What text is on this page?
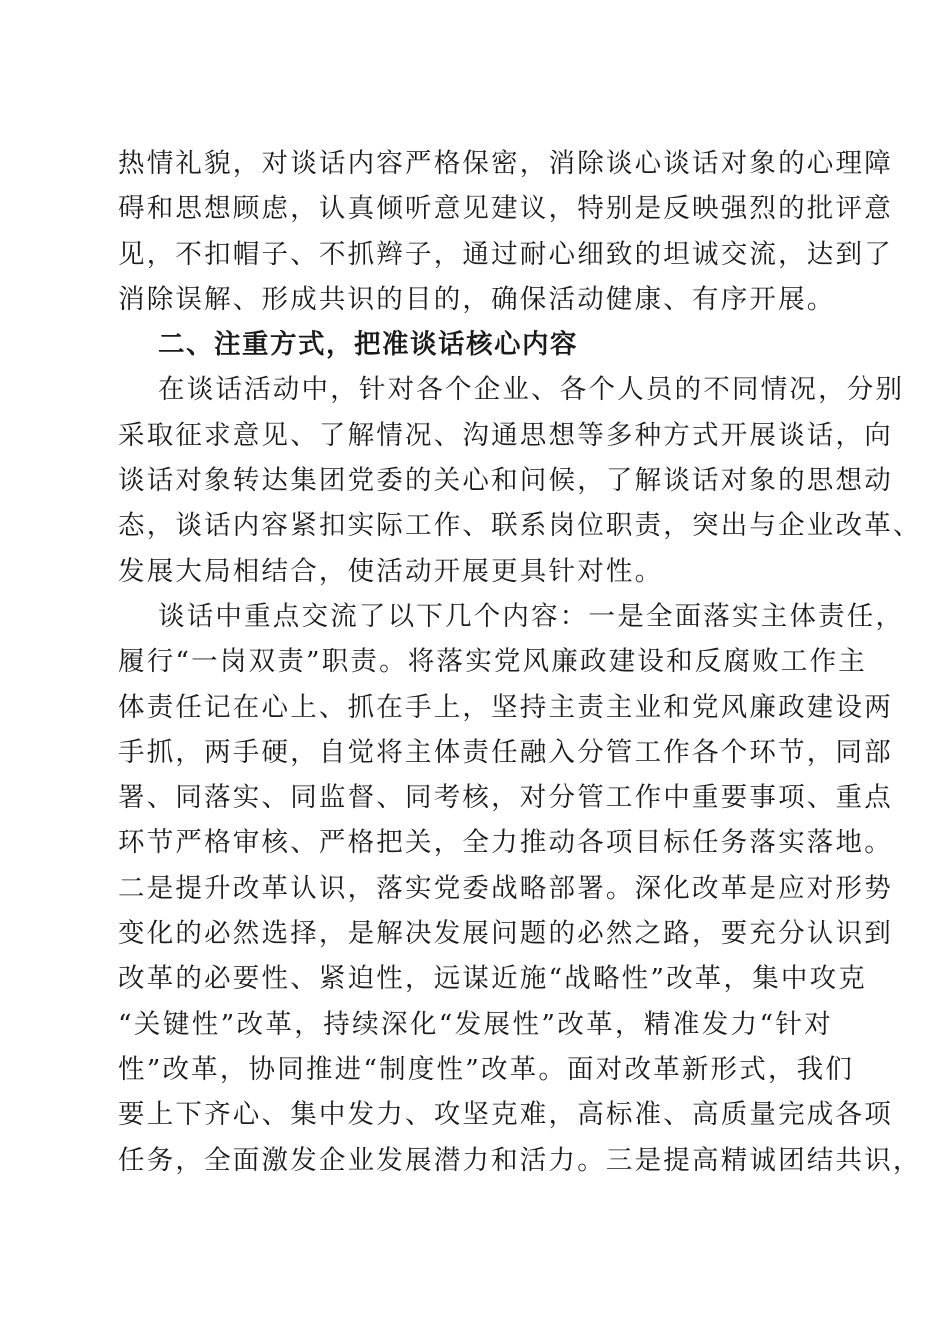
热情礼貌，对谈话内容严格保密，消除谈心谈话对象的心理障
碍和思想顾虑，认真倾听意见建议，特别是反映强烈的批评意
见，不扣帽子、不抓辫子，通过耐心细致的坦诚交流，达到了
消除误解、形成共识的目的，确保活动健康、有序开展。
二、注重方式，把准谈话核心内容
在谈话活动中，针对各个企业、各个人员的不同情况，分别
采取征求意见、了解情况、沟通思想等多种方式开展谈话，向
谈话对象转达集团党委的关心和问候，了解谈话对象的思想动
态，谈话内容紧扣实际工作、联系岗位职责，突出与企业改革、
发展大局相结合，使活动开展更具针对性。
谈话中重点交流了以下几个内容：一是全面落实主体责任，
履行“一岗双责”职责。将落实党风廉政建设和反腐败工作主
体责任记在心上、抓在手上，坚持主责主业和党风廉政建设两
手抓，两手硬，自觉将主体责任融入分管工作各个环节，同部
署、同落实、同监督、同考核，对分管工作中重要事项、重点
环节严格审核、严格把关，全力推动各项目标任务落实落地。
二是提升改革认识，落实党委战略部署。深化改革是应对形势
变化的必然选择，是解决发展问题的必然之路，要充分认识到
改革的必要性、紧迫性，远谋近施“战略性”改革，集中攻克
“关键性”改革，持续深化“发展性”改革，精准发力“针对
性”改革，协同推进“制度性”改革。面对改革新形式，我们
要上下齐心、集中发力、攻坚克难，高标准、高质量完成各项
任务，全面激发企业发展潜力和活力。三是提高精诚团结共识，
